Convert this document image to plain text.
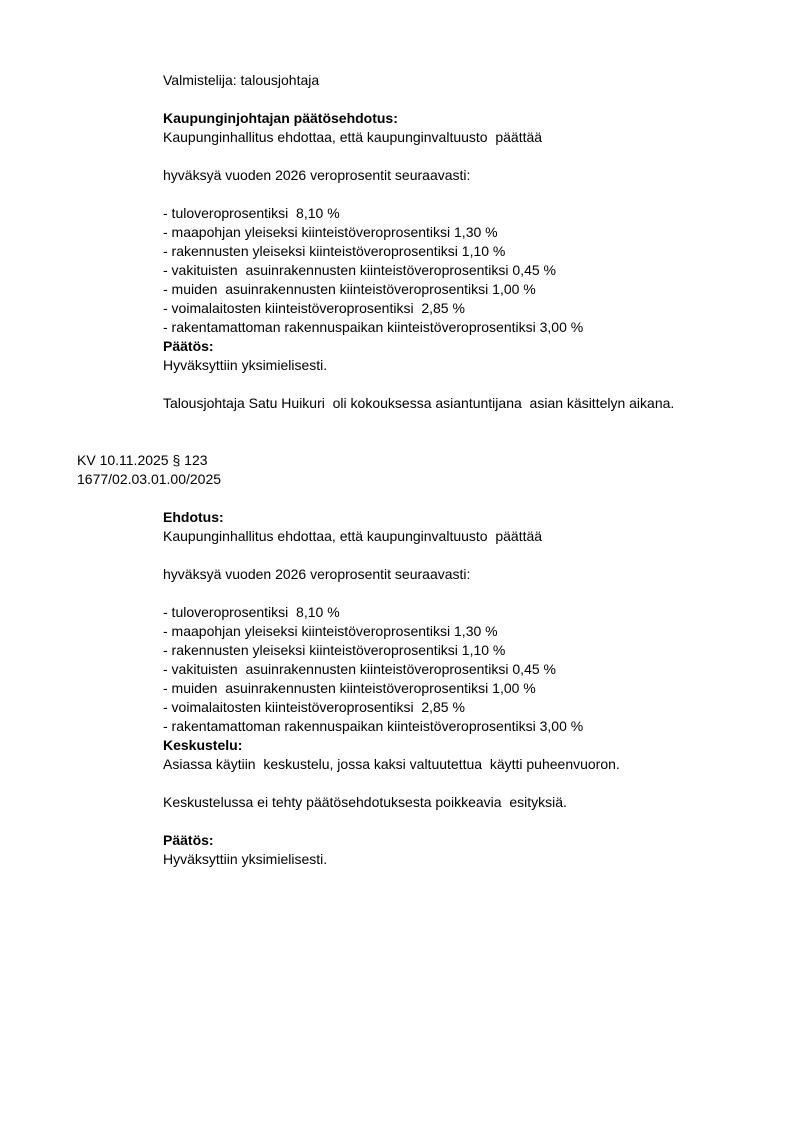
Valmistelija: talousjohtaja

Kaupunginjohtajan päätösehdotus:

Kaupunginhallitus ehdottaa, että kaupunginvaltuusto  päättää

hyväksyä vuoden 2026 veroprosentit seuraavasti:

- tuloveroprosentiksi  8,10 %
- maapohjan yleiseksi kiinteistöveroprosentiksi 1,30 %
- rakennusten yleiseksi kiinteistöveroprosentiksi 1,10 %
- vakituisten  asuinrakennusten kiinteistöveroprosentiksi 0,45 %
- muiden  asuinrakennusten kiinteistöveroprosentiksi 1,00 %
- voimalaitosten kiinteistöveroprosentiksi  2,85 %
- rakentamattoman rakennuspaikan kiinteistöveroprosentiksi 3,00 %

Päätös:

Hyväksyttiin yksimielisesti.

Talousjohtaja Satu Huikuri  oli kokouksessa asiantuntijana  asian käsittelyn aikana.

KV 10.11.2025 § 123

1677/02.03.01.00/2025

Ehdotus:

Kaupunginhallitus ehdottaa, että kaupunginvaltuusto  päättää

hyväksyä vuoden 2026 veroprosentit seuraavasti:

- tuloveroprosentiksi  8,10 %
- maapohjan yleiseksi kiinteistöveroprosentiksi 1,30 %
- rakennusten yleiseksi kiinteistöveroprosentiksi 1,10 %
- vakituisten  asuinrakennusten kiinteistöveroprosentiksi 0,45 %
- muiden  asuinrakennusten kiinteistöveroprosentiksi 1,00 %
- voimalaitosten kiinteistöveroprosentiksi  2,85 %
- rakentamattoman rakennuspaikan kiinteistöveroprosentiksi 3,00 %

Keskustelu:

Asiassa käytiin  keskustelu, jossa kaksi valtuutettua  käytti puheenvuoron.

Keskustelussa ei tehty päätösehdotuksesta poikkeavia  esityksiä.

Päätös:

Hyväksyttiin yksimielisesti.
